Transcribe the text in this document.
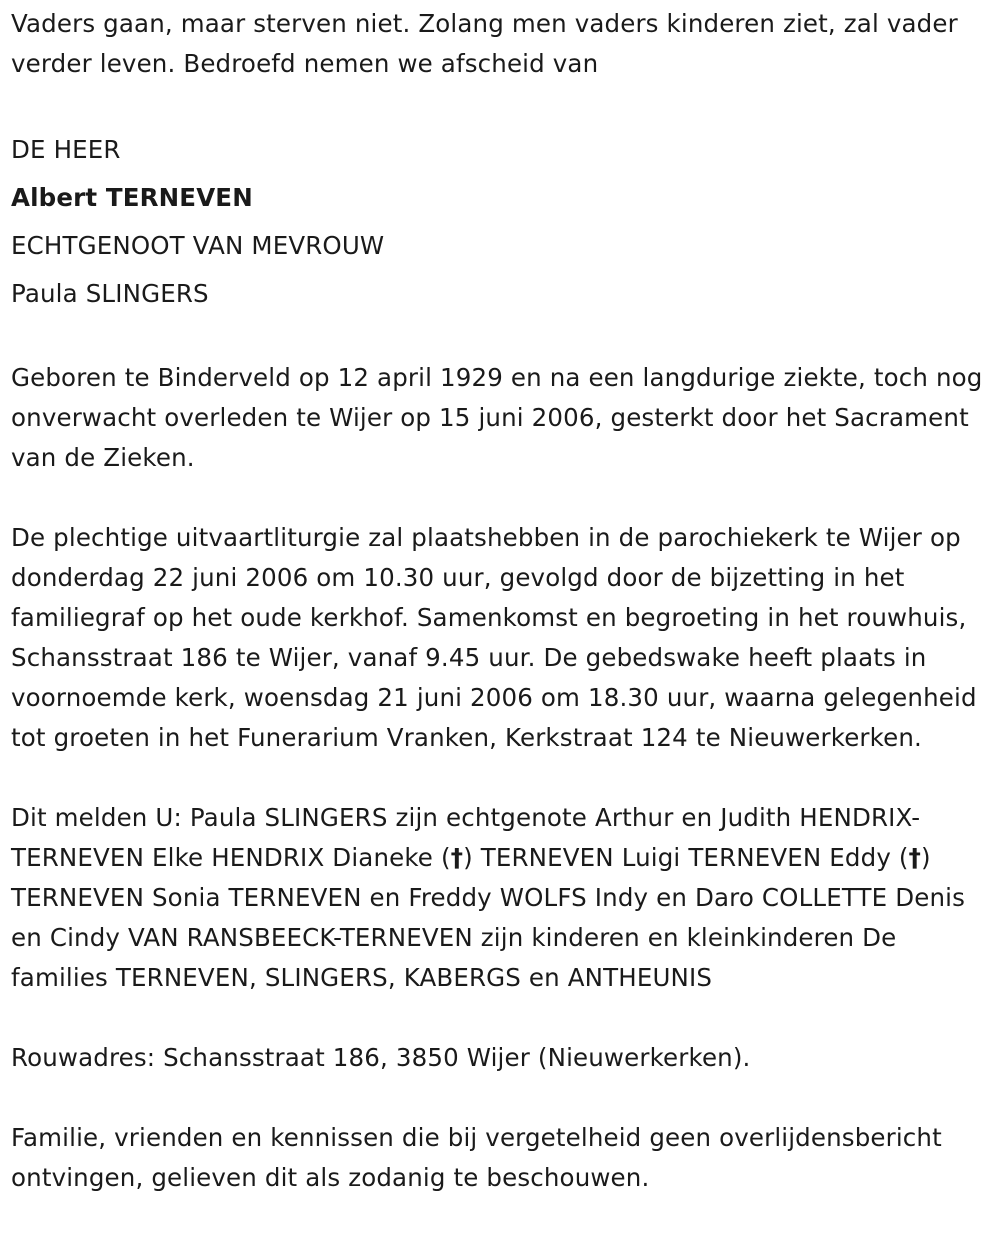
Vaders gaan, maar sterven niet. Zolang men vaders kinderen ziet, zal vader verder leven. Bedroefd nemen we afscheid van

DE HEER

Albert TERNEVEN

ECHTGENOOT VAN MEVROUW

Paula SLINGERS

Geboren te Binderveld op 12 april 1929 en na een langdurige ziekte, toch nog onverwacht overleden te Wijer op 15 juni 2006, gesterkt door het Sacrament van de Zieken.

De plechtige uitvaartliturgie zal plaatshebben in de parochiekerk te Wijer op donderdag 22 juni 2006 om 10.30 uur, gevolgd door de bijzetting in het familiegraf op het oude kerkhof. Samenkomst en begroeting in het rouwhuis, Schansstraat 186 te Wijer, vanaf 9.45 uur. De gebedswake heeft plaats in voornoemde kerk, woensdag 21 juni 2006 om 18.30 uur, waarna gelegenheid tot groeten in het Funerarium Vranken, Kerkstraat 124 te Nieuwerkerken.

Dit melden U: Paula SLINGERS zijn echtgenote Arthur en Judith HENDRIX-TERNEVEN Elke HENDRIX Dianeke (†) TERNEVEN Luigi TERNEVEN Eddy (†) TERNEVEN Sonia TERNEVEN en Freddy WOLFS Indy en Daro COLLETTE Denis en Cindy VAN RANSBEECK-TERNEVEN zijn kinderen en kleinkinderen De families TERNEVEN, SLINGERS, KABERGS en ANTHEUNIS

Rouwadres: Schansstraat 186, 3850 Wijer (Nieuwerkerken).

Familie, vrienden en kennissen die bij vergetelheid geen overlijdensbericht ontvingen, gelieven dit als zodanig te beschouwen.
